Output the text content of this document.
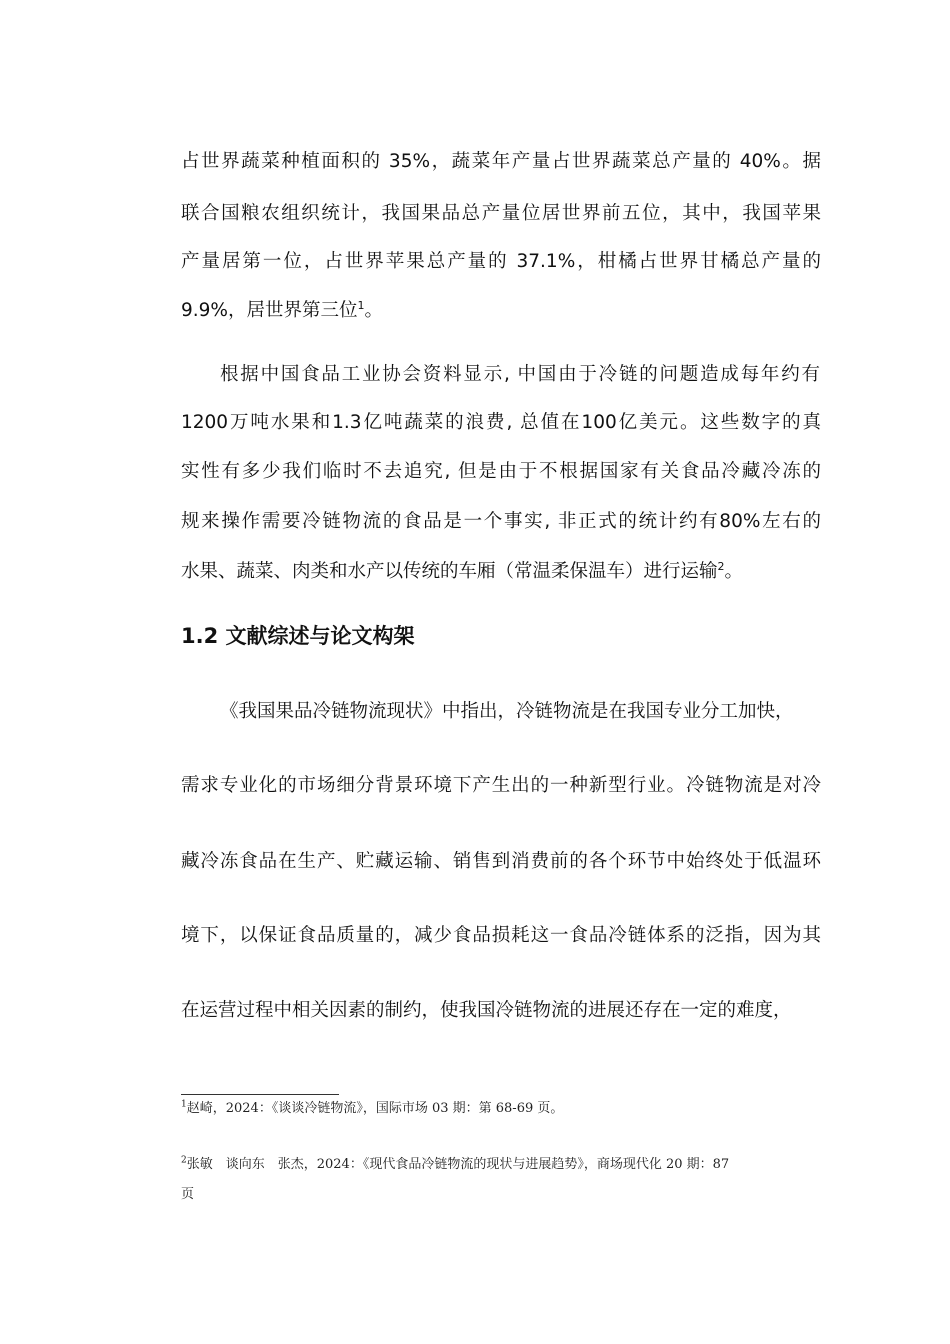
占世界蔬菜种植面积的 35%，蔬菜年产量占世界蔬菜总产量的 40%。据
联合国粮农组织统计，我国果品总产量位居世界前五位，其中，我国苹果
产量居第一位，占世界苹果总产量的 37.1%，柑橘占世界甘橘总产量的
9.9%，居世界第三位$^1$。
根据中国食品工业协会资料显示, 中国由于冷链的问题造成每年约有
1200万吨水果和1.3亿吨蔬菜的浪费, 总值在100亿美元。这些数字的真
实性有多少我们临时不去追究, 但是由于不根据国家有关食品冷藏冷冻的
规来操作需要冷链物流的食品是一个事实, 非正式的统计约有80%左右的
水果、蔬菜、肉类和水产以传统的车厢（常温柔保温车）进行运输$^2$。
1.2 文献综述与论文构架
《我国果品冷链物流现状》中指出，冷链物流是在我国专业分工加快，
需求专业化的市场细分背景环境下产生出的一种新型行业。冷链物流是对冷
藏冷冻食品在生产、贮藏运输、销售到消费前的各个环节中始终处于低温环
境下，以保证食品质量的，减少食品损耗这一食品冷链体系的泛指，因为其
在运营过程中相关因素的制约，使我国冷链物流的进展还存在一定的难度，
$^1$赵崎，2024：《谈谈冷链物流》，国际市场 03 期：第 68-69 页。
$^2$张敏　谈向东　张杰，2024：《现代食品冷链物流的现状与进展趋势》，商场现代化 20 期：87
页
